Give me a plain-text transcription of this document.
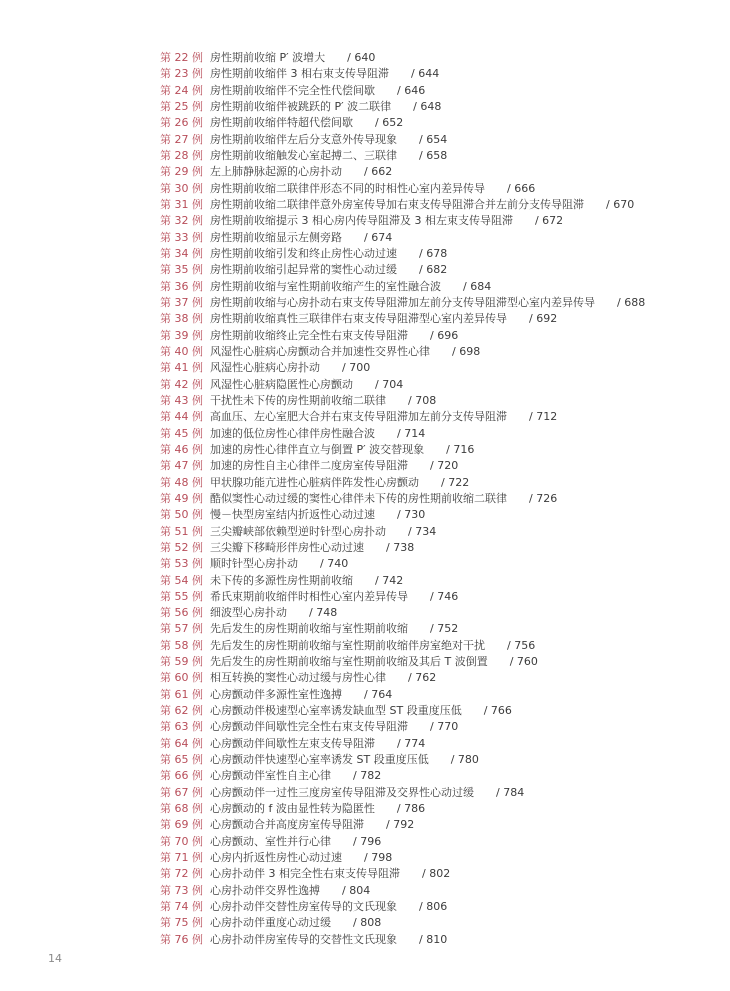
第 22 例 房性期前收缩 P′ 波增大 / 640
第 23 例 房性期前收缩伴 3 相右束支传导阻滞 / 644
第 24 例 房性期前收缩伴不完全性代偿间歇 / 646
第 25 例 房性期前收缩伴被跳跃的 P′ 波二联律 / 648
第 26 例 房性期前收缩伴特超代偿间歇 / 652
第 27 例 房性期前收缩伴左后分支意外传导现象 / 654
第 28 例 房性期前收缩触发心室起搏二、三联律 / 658
第 29 例 左上肺静脉起源的心房扑动 / 662
第 30 例 房性期前收缩二联律伴形态不同的时相性心室内差异传导 / 666
第 31 例 房性期前收缩二联律伴意外房室传导加右束支传导阻滞合并左前分支传导阻滞 / 670
第 32 例 房性期前收缩提示 3 相心房内传导阻滞及 3 相左束支传导阻滞 / 672
第 33 例 房性期前收缩显示左侧旁路 / 674
第 34 例 房性期前收缩引发和终止房性心动过速 / 678
第 35 例 房性期前收缩引起异常的窦性心动过缓 / 682
第 36 例 房性期前收缩与室性期前收缩产生的室性融合波 / 684
第 37 例 房性期前收缩与心房扑动右束支传导阻滞加左前分支传导阻滞型心室内差异传导 / 688
第 38 例 房性期前收缩真性三联律伴右束支传导阻滞型心室内差异传导 / 692
第 39 例 房性期前收缩终止完全性右束支传导阻滞 / 696
第 40 例 风湿性心脏病心房颤动合并加速性交界性心律 / 698
第 41 例 风湿性心脏病心房扑动 / 700
第 42 例 风湿性心脏病隐匿性心房颤动 / 704
第 43 例 干扰性未下传的房性期前收缩二联律 / 708
第 44 例 高血压、左心室肥大合并右束支传导阻滞加左前分支传导阻滞 / 712
第 45 例 加速的低位房性心律伴房性融合波 / 714
第 46 例 加速的房性心律伴直立与倒置 P′ 波交替现象 / 716
第 47 例 加速的房性自主心律伴二度房室传导阻滞 / 720
第 48 例 甲状腺功能亢进性心脏病伴阵发性心房颤动 / 722
第 49 例 酷似窦性心动过缓的窦性心律伴未下传的房性期前收缩二联律 / 726
第 50 例 慢－快型房室结内折返性心动过速 / 730
第 51 例 三尖瓣峡部依赖型逆时针型心房扑动 / 734
第 52 例 三尖瓣下移畸形伴房性心动过速 / 738
第 53 例 顺时针型心房扑动 / 740
第 54 例 未下传的多源性房性期前收缩 / 742
第 55 例 希氏束期前收缩伴时相性心室内差异传导 / 746
第 56 例 细波型心房扑动 / 748
第 57 例 先后发生的房性期前收缩与室性期前收缩 / 752
第 58 例 先后发生的房性期前收缩与室性期前收缩伴房室绝对干扰 / 756
第 59 例 先后发生的房性期前收缩与室性期前收缩及其后 T 波倒置 / 760
第 60 例 相互转换的窦性心动过缓与房性心律 / 762
第 61 例 心房颤动伴多源性室性逸搏 / 764
第 62 例 心房颤动伴极速型心室率诱发缺血型 ST 段重度压低 / 766
第 63 例 心房颤动伴间歇性完全性右束支传导阻滞 / 770
第 64 例 心房颤动伴间歇性左束支传导阻滞 / 774
第 65 例 心房颤动伴快速型心室率诱发 ST 段重度压低 / 780
第 66 例 心房颤动伴室性自主心律 / 782
第 67 例 心房颤动伴一过性三度房室传导阻滞及交界性心动过缓 / 784
第 68 例 心房颤动的 f 波由显性转为隐匿性 / 786
第 69 例 心房颤动合并高度房室传导阻滞 / 792
第 70 例 心房颤动、室性并行心律 / 796
第 71 例 心房内折返性房性心动过速 / 798
第 72 例 心房扑动伴 3 相完全性右束支传导阻滞 / 802
第 73 例 心房扑动伴交界性逸搏 / 804
第 74 例 心房扑动伴交替性房室传导的文氏现象 / 806
第 75 例 心房扑动伴重度心动过缓 / 808
第 76 例 心房扑动伴房室传导的交替性文氏现象 / 810
14
